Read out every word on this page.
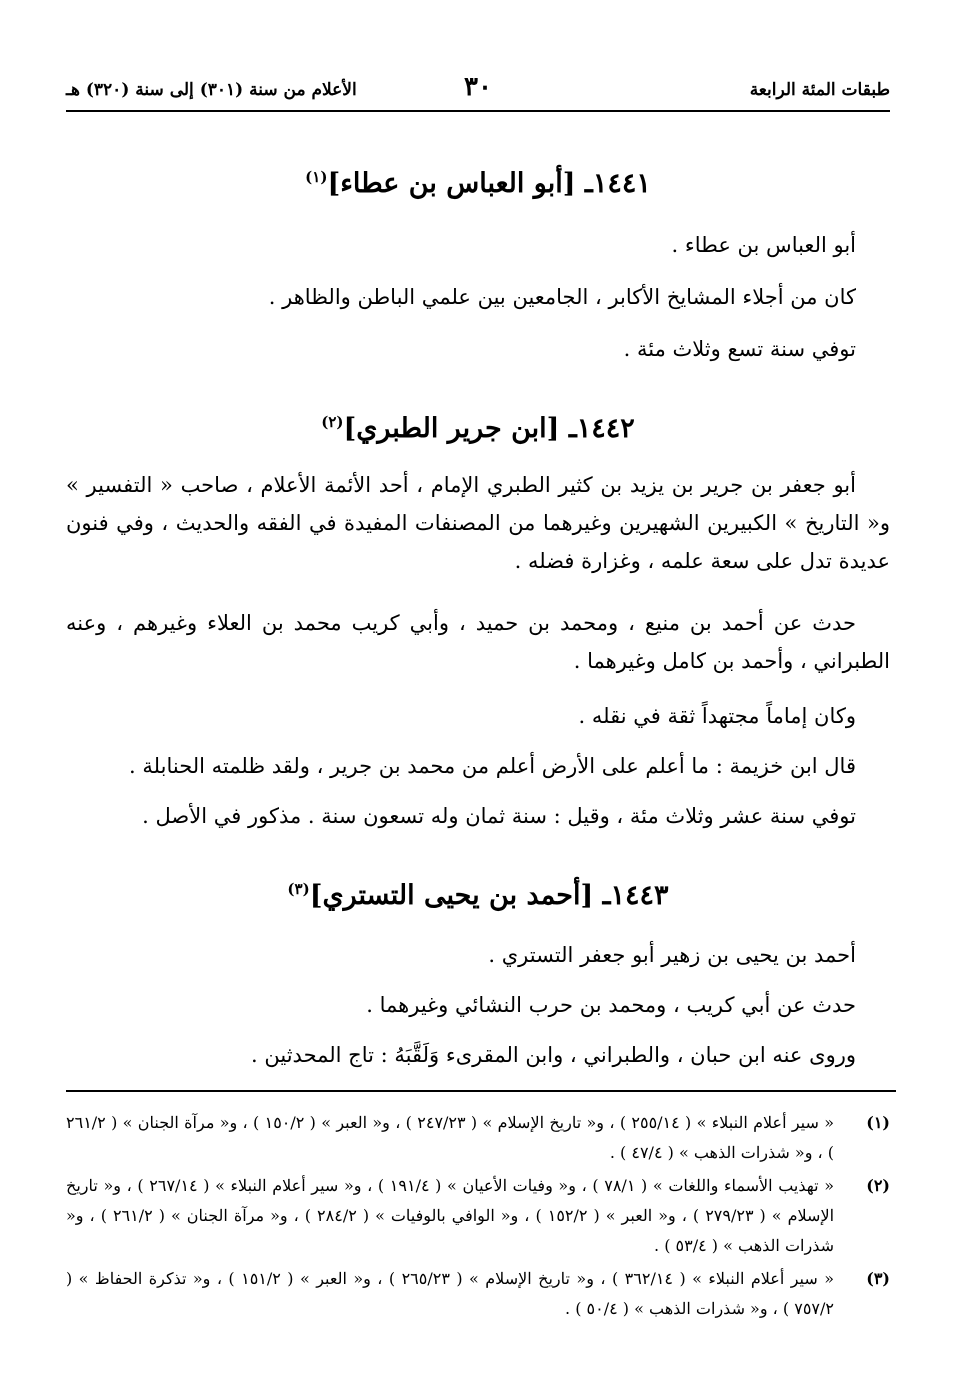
طبقات المئة الرابعة
٣٠
الأعلام من سنة (٣٠١) إلى سنة (٣٢٠) هـ
١٤٤١ـ [أبو العباس بن عطاء]$^{(١)}$
أبو العباس بن عطاء .
كان من أجلاء المشايخ الأكابر ، الجامعين بين علمي الباطن والظاهر .
توفي سنة تسع وثلاث مئة .
١٤٤٢ـ [ابن جرير الطبري]$^{(٢)}$
أبو جعفر بن جرير بن يزيد بن كثير الطبري الإمام ، أحد الأئمة الأعلام ، صاحب « التفسير » و« التاريخ » الكبيرين الشهيرين وغيرهما من المصنفات المفيدة في الفقه والحديث ، وفي فنون عديدة تدل على سعة علمه ، وغزارة فضله .
حدث عن أحمد بن منيع ، ومحمد بن حميد ، وأبي كريب محمد بن العلاء وغيرهم ، وعنه الطبراني ، وأحمد بن كامل وغيرهما .
وكان إماماً مجتهداً ثقة في نقله .
قال ابن خزيمة : ما أعلم على الأرض أعلم من محمد بن جرير ، ولقد ظلمته الحنابلة .
توفي سنة عشر وثلاث مئة ، وقيل : سنة ثمان وله تسعون سنة . مذكور في الأصل .
١٤٤٣ـ [أحمد بن يحيى التستري]$^{(٣)}$
أحمد بن يحيى بن زهير أبو جعفر التستري .
حدث عن أبي كريب ، ومحمد بن حرب النشائي وغيرهما .
وروى عنه ابن حبان ، والطبراني ، وابن المقرىء وَلَقَّبَهُ : تاج المحدثين .
(١)
« سير أعلام النبلاء » ( ٢٥٥/١٤ ) ، و« تاريخ الإسلام » ( ٢٤٧/٢٣ ) ، و« العبر » ( ١٥٠/٢ ) ، و« مرآة الجنان » ( ٢٦١/٢ ) ، و« شذرات الذهب » ( ٤٧/٤ ) .
(٢)
« تهذيب الأسماء واللغات » ( ٧٨/١ ) ، و« وفيات الأعيان » ( ١٩١/٤ ) ، و« سير أعلام النبلاء » ( ٢٦٧/١٤ ) ، و« تاريخ الإسلام » ( ٢٧٩/٢٣ ) ، و« العبر » ( ١٥٢/٢ ) ، و« الوافي بالوفيات » ( ٢٨٤/٢ ) ، و« مرآة الجنان » ( ٢٦١/٢ ) ، و« شذرات الذهب » ( ٥٣/٤ ) .
(٣)
« سير أعلام النبلاء » ( ٣٦٢/١٤ ) ، و« تاريخ الإسلام » ( ٢٦٥/٢٣ ) ، و« العبر » ( ١٥١/٢ ) ، و« تذكرة الحفاظ » ( ٧٥٧/٢ ) ، و« شذرات الذهب » ( ٥٠/٤ ) .
